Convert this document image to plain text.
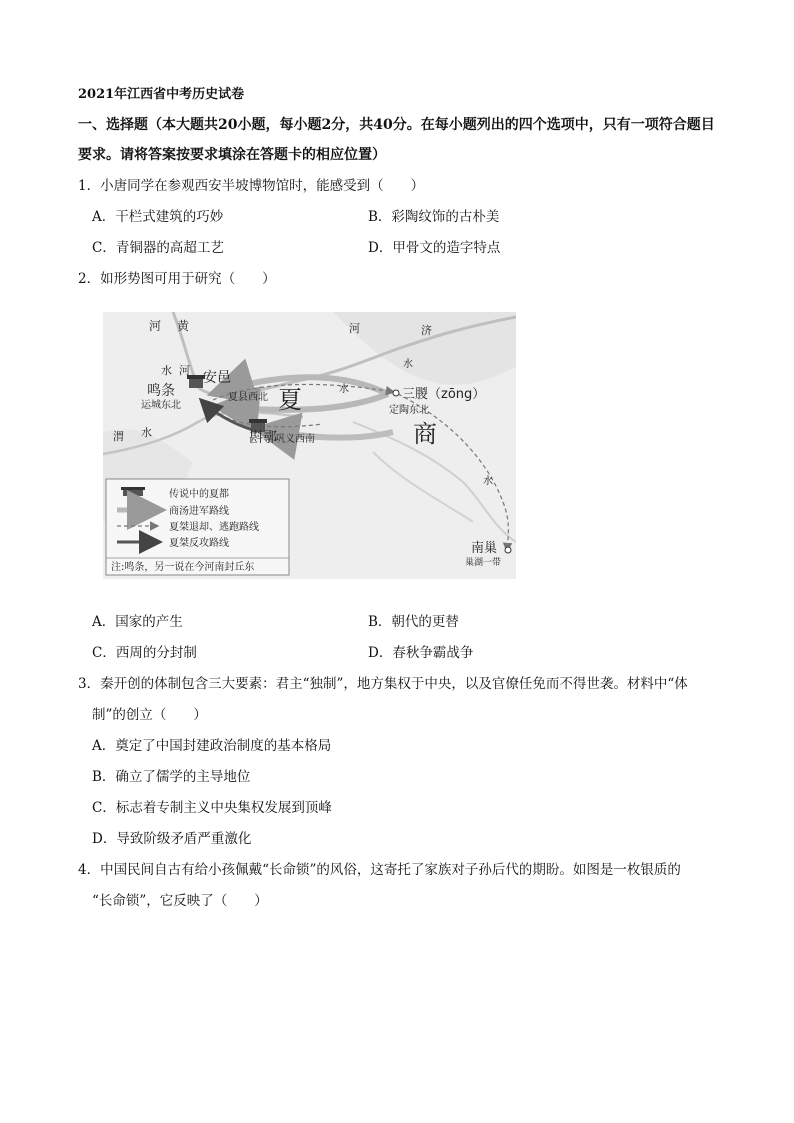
2021年江西省中考历史试卷
一、选择题（本大题共20小题，每小题2分，共40分。在每小题列出的四个选项中，只有一项符合题目
要求。请将答案按要求填涂在答题卡的相应位置）
1．小唐同学在参观西安半坡博物馆时，能感受到（　　）
A．干栏式建筑的巧妙	B．彩陶纹饰的古朴美
C．青铜器的高超工艺	D．甲骨文的造字特点
2．如形势图可用于研究（　　）
河 黄
水 河
鸣条
运城东北
安邑
夏县西北 夏	三朡（zōng）
定陶东北
商
斟鄩
巩义西南
渭 水
水
水
济
河
水
南巢
巢湖一带
传说中的夏都
商汤进军路线
夏桀退却、逃跑路线
夏桀反攻路线
注:鸣条，另一说在今河南封丘东
A．国家的产生	B．朝代的更替
C．西周的分封制	D．春秋争霸战争
3．秦开创的体制包含三大要素：君主“独制”，地方集权于中央，以及官僚任免而不得世袭。材料中“体
制”的创立（　　）
A．奠定了中国封建政治制度的基本格局
B．确立了儒学的主导地位
C．标志着专制主义中央集权发展到顶峰
D．导致阶级矛盾严重激化
4．中国民间自古有给小孩佩戴“长命锁”的风俗，这寄托了家族对子孙后代的期盼。如图是一枚银质的
“长命锁”，它反映了（　　）
